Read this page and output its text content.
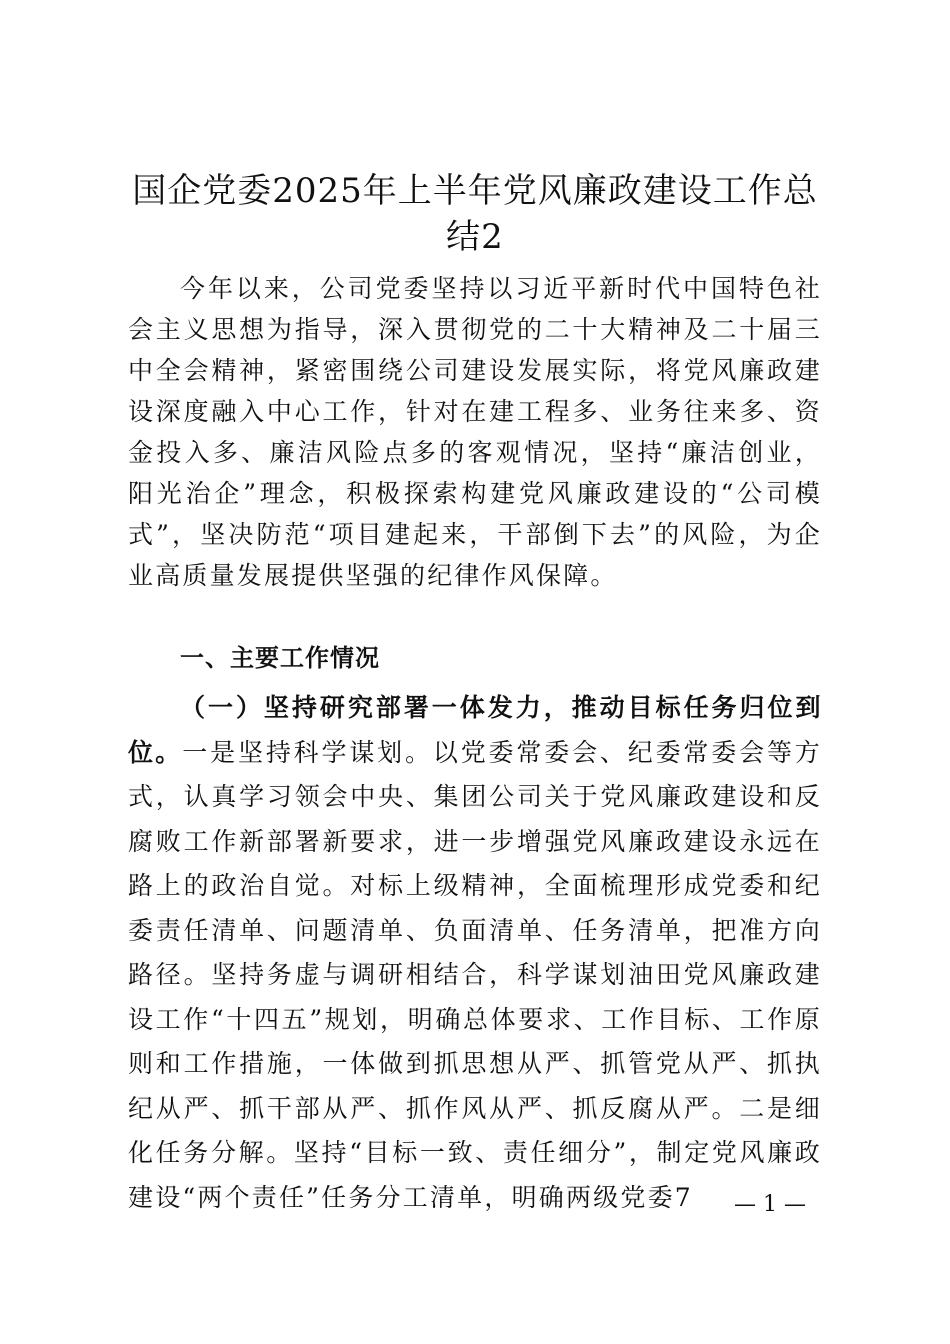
国企党委2025年上半年党风廉政建设工作总结2

今年以来，公司党委坚持以习近平新时代中国特色社会主义思想为指导，深入贯彻党的二十大精神及二十届三中全会精神，紧密围绕公司建设发展实际，将党风廉政建设深度融入中心工作，针对在建工程多、业务往来多、资金投入多、廉洁风险点多的客观情况，坚持“廉洁创业，阳光治企”理念，积极探索构建党风廉政建设的“公司模式”，坚决防范“项目建起来，干部倒下去”的风险，为企业高质量发展提供坚强的纪律作风保障。

一、主要工作情况

（一）坚持研究部署一体发力，推动目标任务归位到位。一是坚持科学谋划。以党委常委会、纪委常委会等方式，认真学习领会中央、集团公司关于党风廉政建设和反腐败工作新部署新要求，进一步增强党风廉政建设永远在路上的政治自觉。对标上级精神，全面梳理形成党委和纪委责任清单、问题清单、负面清单、任务清单，把准方向路径。坚持务虚与调研相结合，科学谋划油田党风廉政建设工作“十四五”规划，明确总体要求、工作目标、工作原则和工作措施，一体做到抓思想从严、抓管党从严、抓执纪从严、抓干部从严、抓作风从严、抓反腐从严。二是细化任务分解。坚持“目标一致、责任细分”，制定党风廉政建设“两个责任”任务分工清单，明确两级党委7	— 1 —
